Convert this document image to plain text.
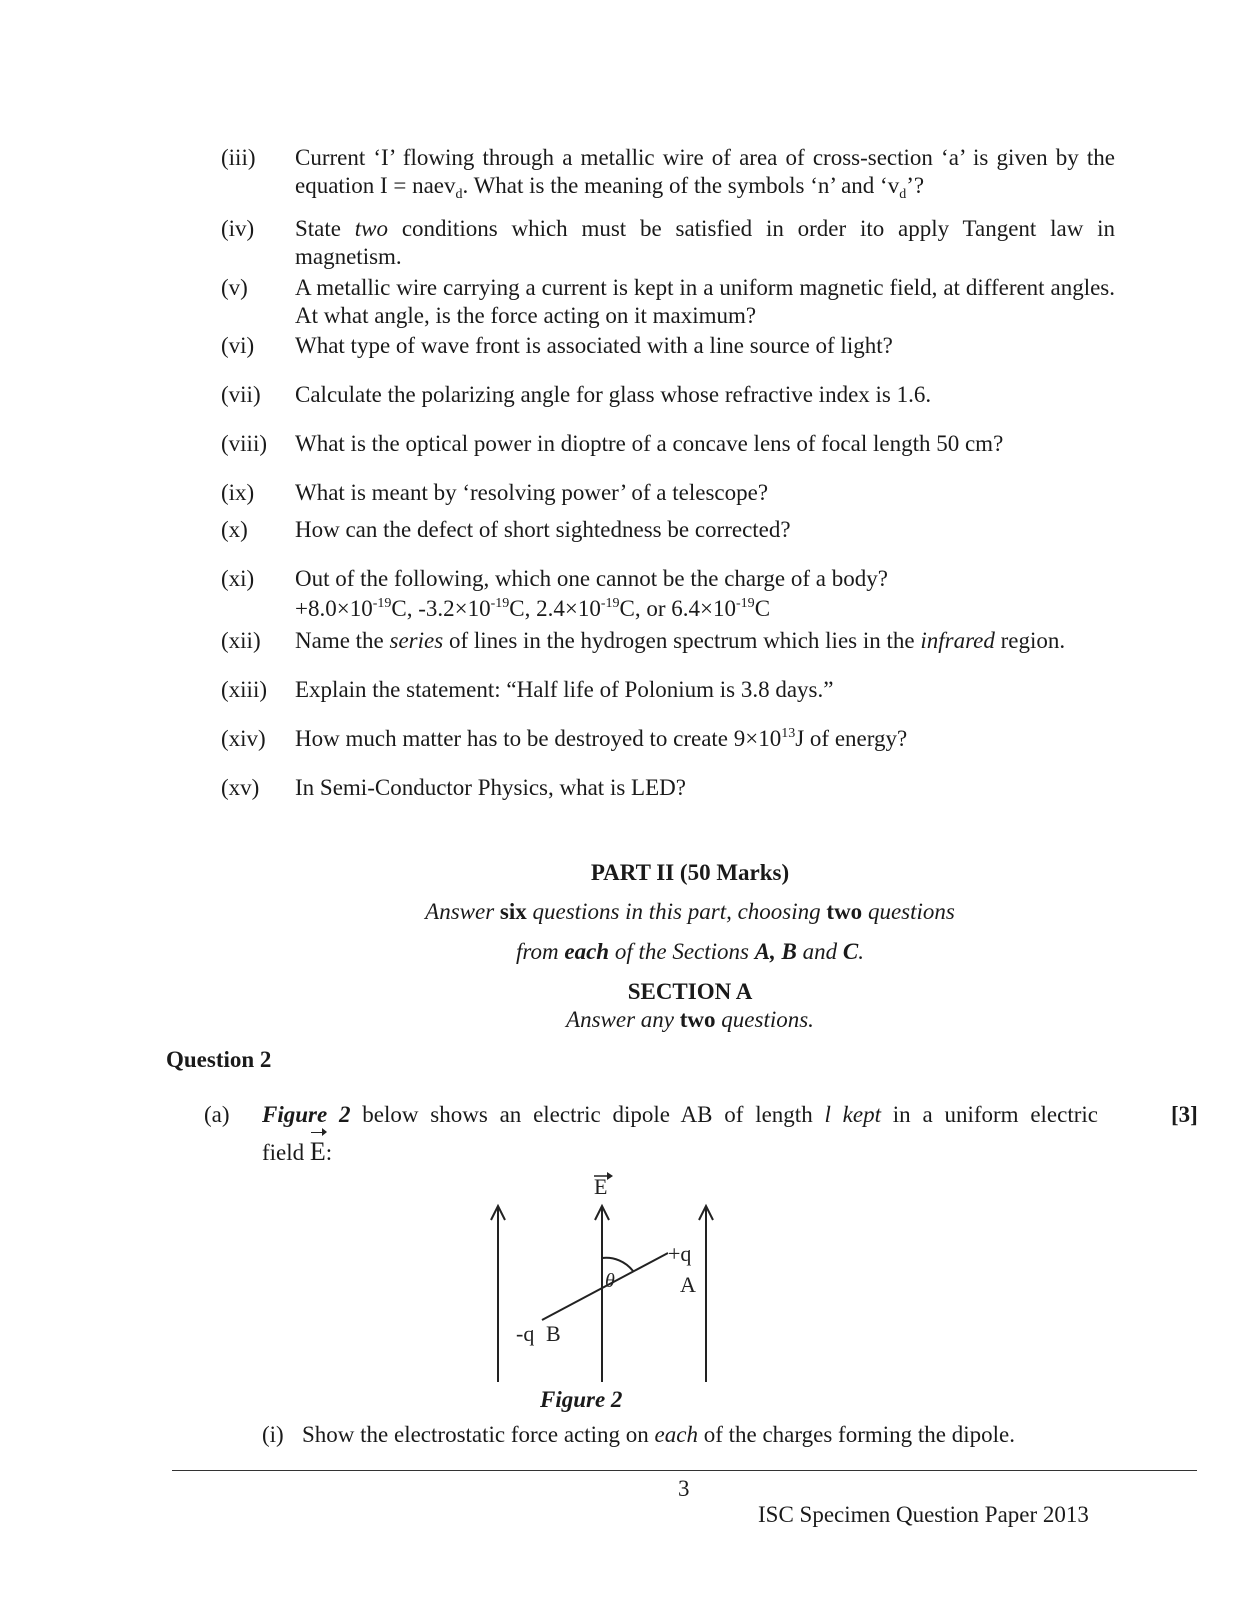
(iii) Current ‘I’ flowing through a metallic wire of area of cross-section ‘a’ is given by the equation I = naev$_d$. What is the meaning of the symbols ‘n’ and ‘$v_d$’?
(iv) State two conditions which must be satisfied in order ito apply Tangent law in magnetism.
(v) A metallic wire carrying a current is kept in a uniform magnetic field, at different angles. At what angle, is the force acting on it maximum?
(vi) What type of wave front is associated with a line source of light?
(vii) Calculate the polarizing angle for glass whose refractive index is 1.6.
(viii) What is the optical power in dioptre of a concave lens of focal length 50 cm?
(ix) What is meant by ‘resolving power’ of a telescope?
(x) How can the defect of short sightedness be corrected?
(xi) Out of the following, which one cannot be the charge of a body?
$+8.0\times 10^{-19}C$, $-3.2\times 10^{-19}C$, $2.4\times 10^{-19}C$, or $6.4\times 10^{-19}C$
(xii) Name the series of lines in the hydrogen spectrum which lies in the infrared region.
(xiii) Explain the statement: “Half life of Polonium is 3.8 days.”
(xiv) How much matter has to be destroyed to create $9\times 10^{13}J$ of energy?
(xv) In Semi-Conductor Physics, what is LED?
PART II (50 Marks)
Answer six questions in this part, choosing two questions
from each of the Sections A, B and C.
SECTION A
Answer any two questions.
Question 2
(a) Figure 2 below shows an electric dipole AB of length l kept in a uniform electric	[3]
field E:
E
θ
+q
A
-q B
Figure 2
(i) Show the electrostatic force acting on each of the charges forming the dipole.
3
ISC Specimen Question Paper 2013
